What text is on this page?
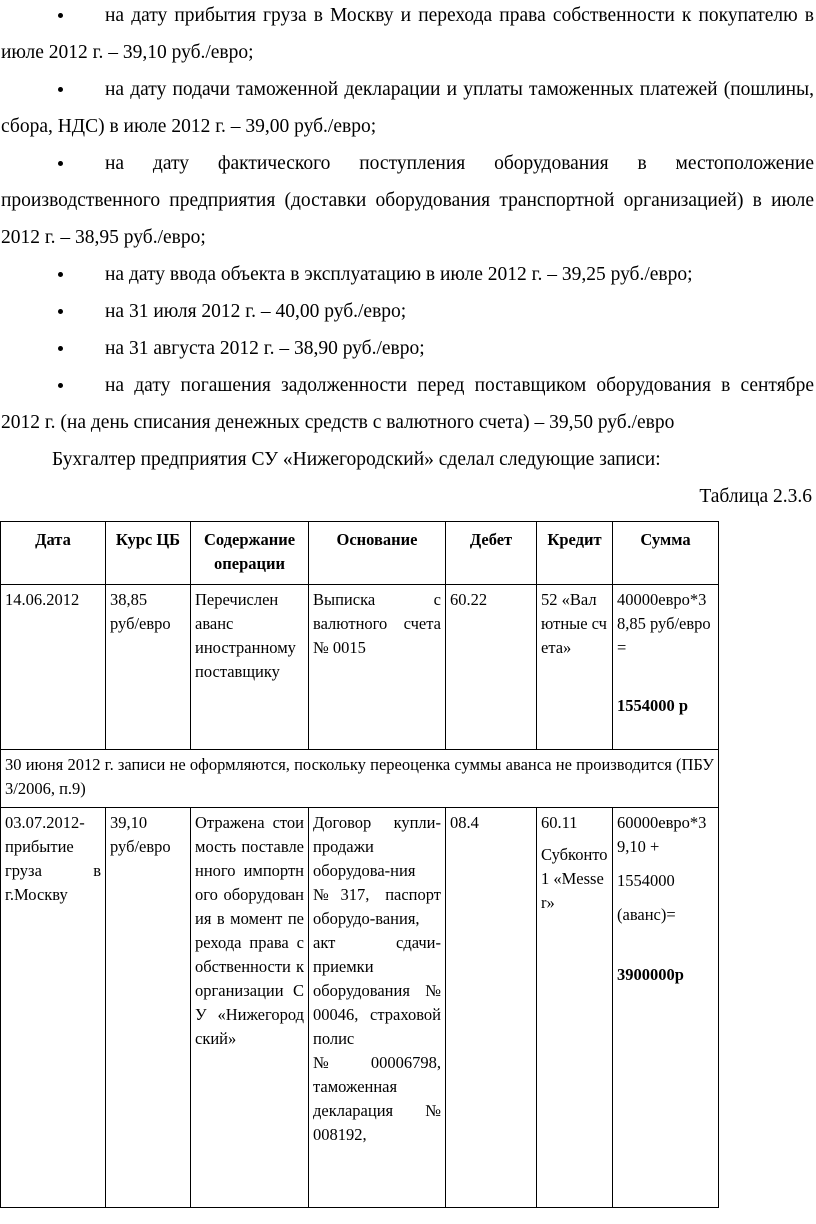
на дату прибытия груза в Москву и перехода права собственности к покупателю в июле 2012 г. – 39,10 руб./евро;

на дату подачи таможенной декларации и уплаты таможенных платежей (пошлины, сбора, НДС) в июле 2012 г. – 39,00 руб./евро;

на дату фактического поступления оборудования в местоположение производственного предприятия (доставки оборудования транспортной организацией) в июле 2012 г. – 38,95 руб./евро;

на дату ввода объекта в эксплуатацию в июле 2012 г. – 39,25 руб./евро;

на 31 июля 2012 г. – 40,00 руб./евро;

на 31 августа 2012 г. – 38,90 руб./евро;

на дату погашения задолженности перед поставщиком оборудования в сентябре 2012 г. (на день списания денежных средств с валютного счета) – 39,50 руб./евро

Бухгалтер предприятия СУ «Нижегородский» сделал следующие записи:

Таблица 2.3.6

Дата	Курс ЦБ	Содержание операции	Основание	Дебет	Кредит	Сумма
14.06.2012	38,85
руб/евро	Перечислен аванс иностранному поставщику	Выписка с валютного счета № 0015	60.22	52 «Валютные счета»	40000евро*38,85 руб/евро=
1554000 р

30 июня 2012 г. записи не оформляются, поскольку переоценка суммы аванса не производится (ПБУ 3/2006, п.9)						
03.07.2012-прибытие груза в г.Москву	39,10
руб/евро	Отражена стоимость поставленного импортного оборудования в момент перехода права собственности к организации СУ «Нижегородский»	Договор купли-продажи оборудова-ния №317, паспорт оборудо-вания, акт сдачи-приемки оборудования № 00046, страховой полис №00006798, таможенная декларация№ 008192,	08.4	60.11
Субконто1 «Messer»	60000евро*39,10 +
1554000
(аванс)=
3900000р
